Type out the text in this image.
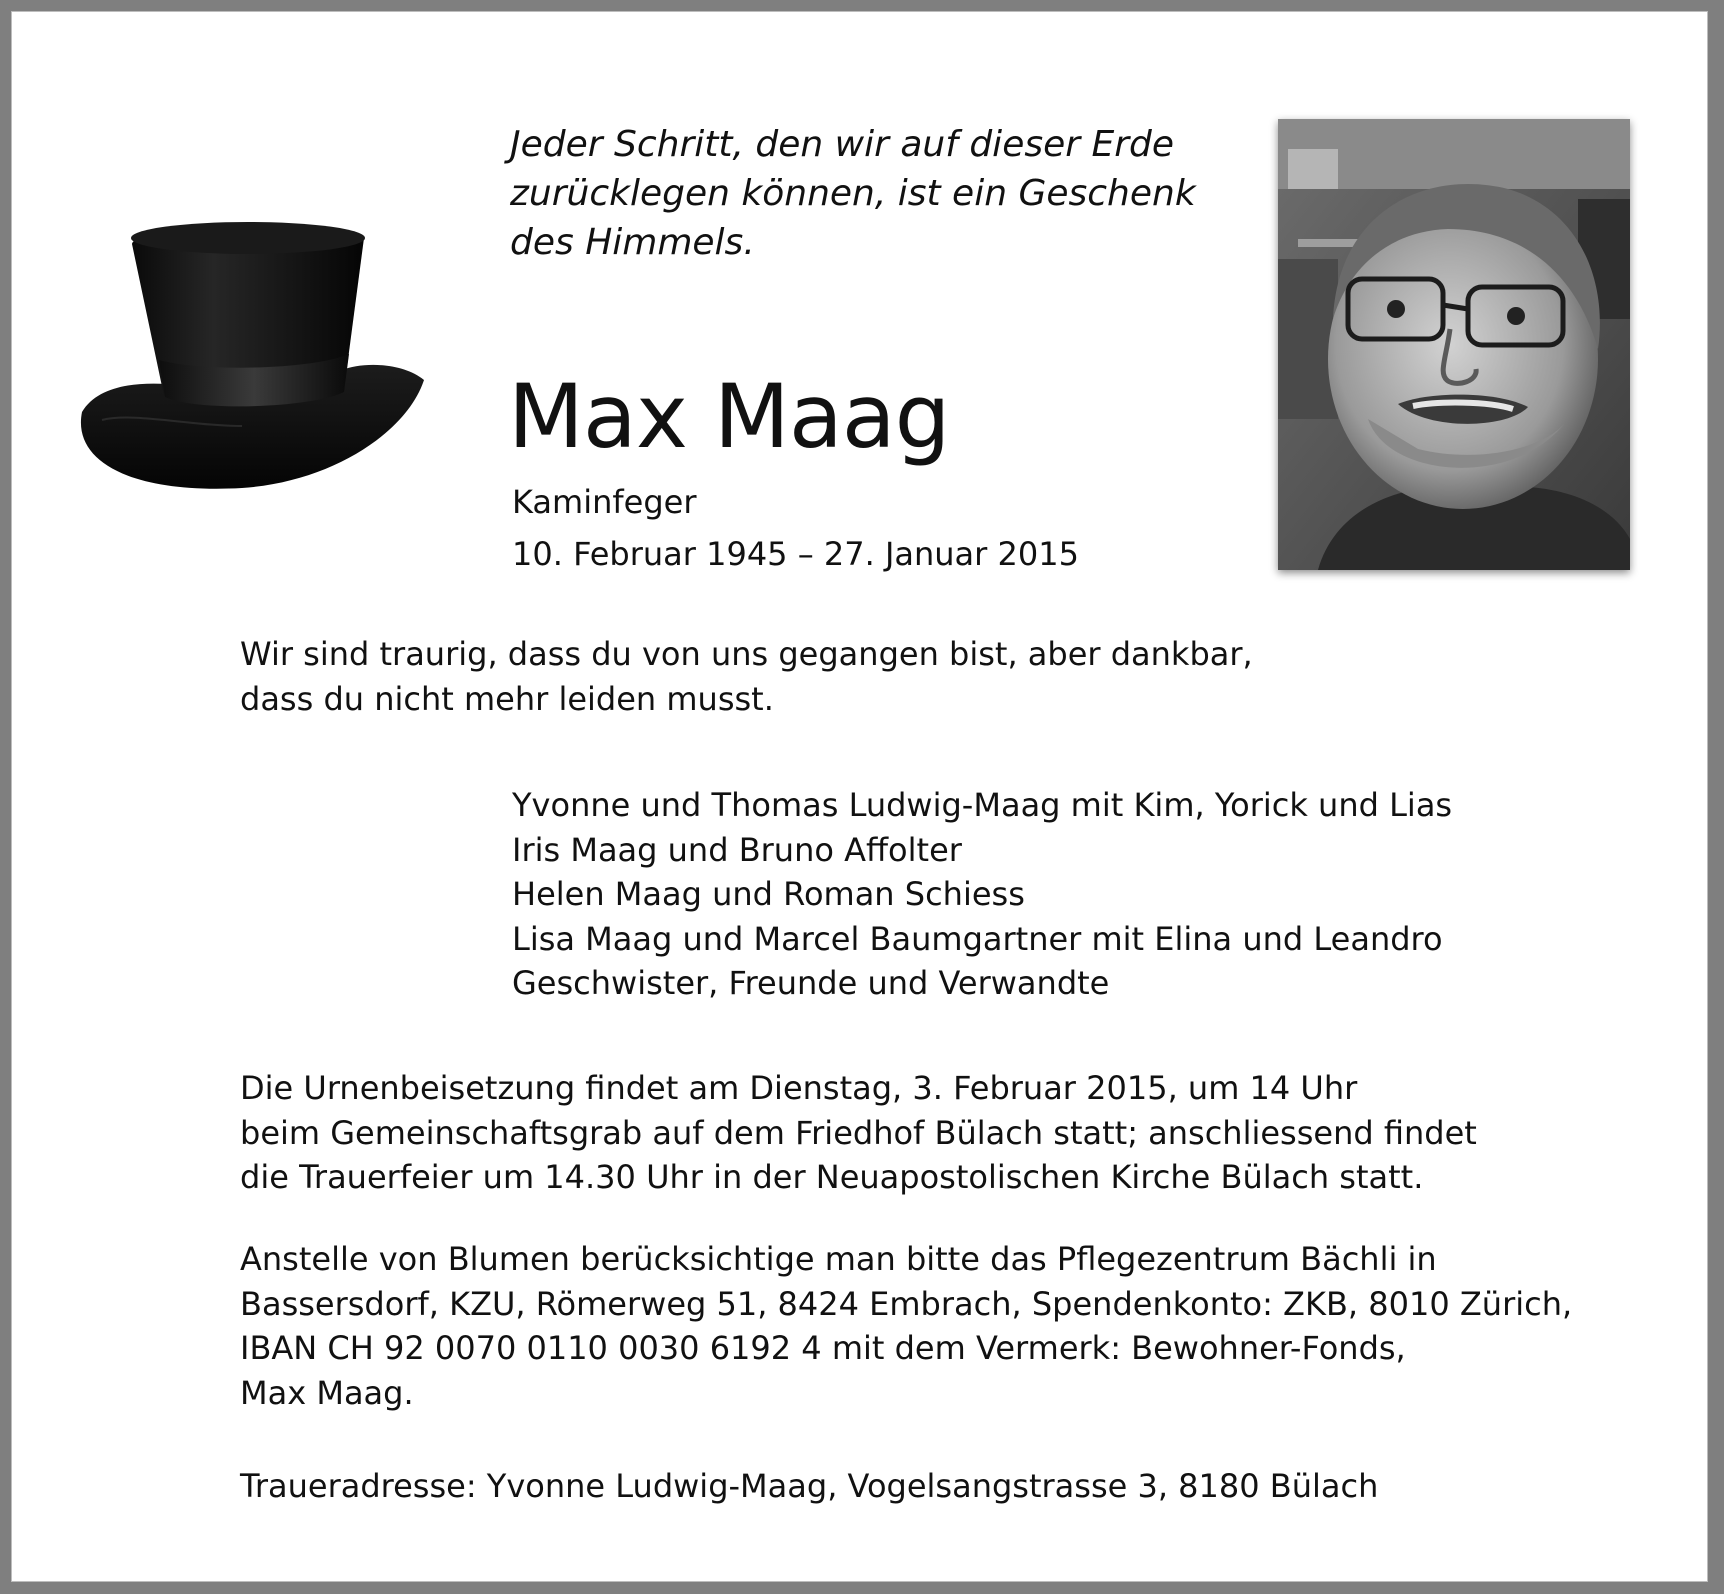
Jeder Schritt, den wir auf dieser Erde
zurücklegen können, ist ein Geschenk
des Himmels.
Max Maag
Kaminfeger
10. Februar 1945 – 27. Januar 2015
Wir sind traurig, dass du von uns gegangen bist, aber dankbar,
dass du nicht mehr leiden musst.
Yvonne und Thomas Ludwig-Maag mit Kim, Yorick und Lias
Iris Maag und Bruno Affolter
Helen Maag und Roman Schiess
Lisa Maag und Marcel Baumgartner mit Elina und Leandro
Geschwister, Freunde und Verwandte
Die Urnenbeisetzung findet am Dienstag, 3. Februar 2015, um 14 Uhr
beim Gemeinschaftsgrab auf dem Friedhof Bülach statt; anschliessend findet
die Trauerfeier um 14.30 Uhr in der Neuapostolischen Kirche Bülach statt.
Anstelle von Blumen berücksichtige man bitte das Pflegezentrum Bächli in
Bassersdorf, KZU, Römerweg 51, 8424 Embrach, Spendenkonto: ZKB, 8010 Zürich,
IBAN CH 92 0070 0110 0030 6192 4 mit dem Vermerk: Bewohner-Fonds,
Max Maag.
Traueradresse: Yvonne Ludwig-Maag, Vogelsangstrasse 3, 8180 Bülach
